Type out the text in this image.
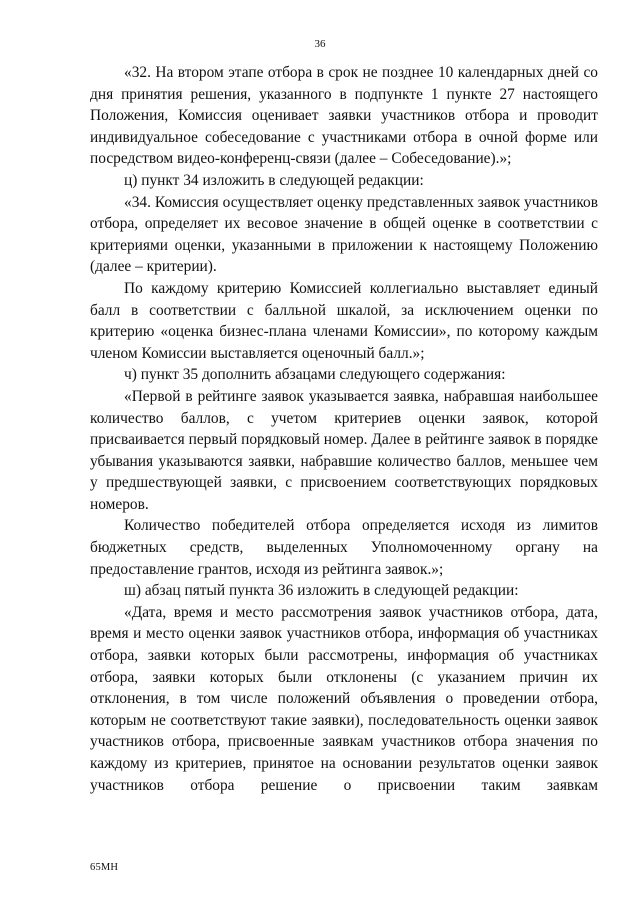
36

«32. На втором этапе отбора в срок не позднее 10 календарных дней со дня принятия решения, указанного в подпункте 1 пункте 27 настоящего Положения, Комиссия оценивает заявки участников отбора и проводит индивидуальное собеседование с участниками отбора в очной форме или посредством видео-конференц-связи (далее – Собеседование).»;

ц) пункт 34 изложить в следующей редакции:

«34. Комиссия осуществляет оценку представленных заявок участников отбора, определяет их весовое значение в общей оценке в соответствии с критериями оценки, указанными в приложении к настоящему Положению (далее – критерии).

По каждому критерию Комиссией коллегиально выставляет единый балл в соответствии с балльной шкалой, за исключением оценки по критерию «оценка бизнес-плана членами Комиссии», по которому каждым членом Комиссии выставляется оценочный балл.»;

ч) пункт 35 дополнить абзацами следующего содержания:

«Первой в рейтинге заявок указывается заявка, набравшая наибольшее количество баллов, с учетом критериев оценки заявок, которой присваивается первый порядковый номер. Далее в рейтинге заявок в порядке убывания указываются заявки, набравшие количество баллов, меньшее чем у предшествующей заявки, с присвоением соответствующих порядковых номеров.

Количество победителей отбора определяется исходя из лимитов бюджетных средств, выделенных Уполномоченному органу на предоставление грантов, исходя из рейтинга заявок.»;

ш) абзац пятый пункта 36 изложить в следующей редакции:

«Дата, время и место рассмотрения заявок участников отбора, дата, время и место оценки заявок участников отбора, информация об участниках отбора, заявки которых были рассмотрены, информация об участниках отбора, заявки которых были отклонены (с указанием причин их отклонения, в том числе положений объявления о проведении отбора, которым не соответствуют такие заявки), последовательность оценки заявок участников отбора, присвоенные заявкам участников отбора значения по каждому из критериев, принятое на основании результатов оценки заявок участников отбора решение о присвоении таким заявкам

65МН
